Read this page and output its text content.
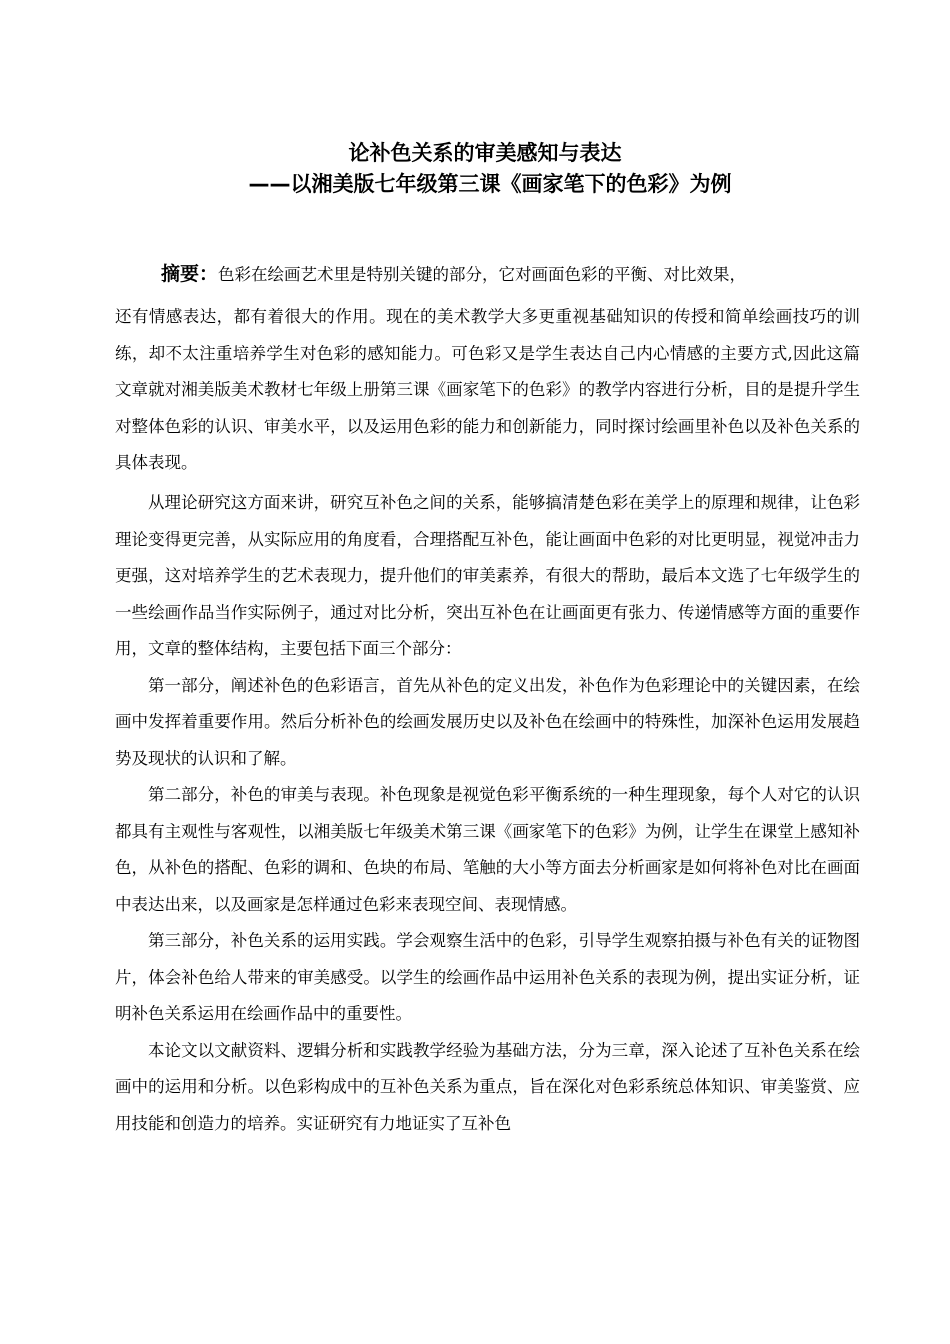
论补色关系的审美感知与表达
——以湘美版七年级第三课《画家笔下的色彩》为例
摘要：色彩在绘画艺术里是特别关键的部分，它对画面色彩的平衡、对比效果，
还有情感表达，都有着很大的作用。现在的美术教学大多更重视基础知识的传授和简单绘画技巧的训练，却不太注重培养学生对色彩的感知能力。可色彩又是学生表达自己内心情感的主要方式,因此这篇文章就对湘美版美术教材七年级上册第三课《画家笔下的色彩》的教学内容进行分析，目的是提升学生对整体色彩的认识、审美水平，以及运用色彩的能力和创新能力，同时探讨绘画里补色以及补色关系的具体表现。

从理论研究这方面来讲，研究互补色之间的关系，能够搞清楚色彩在美学上的原理和规律，让色彩理论变得更完善，从实际应用的角度看，合理搭配互补色，能让画面中色彩的对比更明显，视觉冲击力更强，这对培养学生的艺术表现力，提升他们的审美素养，有很大的帮助，最后本文选了七年级学生的一些绘画作品当作实际例子，通过对比分析，突出互补色在让画面更有张力、传递情感等方面的重要作用，文章的整体结构，主要包括下面三个部分：

第一部分，阐述补色的色彩语言，首先从补色的定义出发，补色作为色彩理论中的关键因素，在绘画中发挥着重要作用。然后分析补色的绘画发展历史以及补色在绘画中的特殊性，加深补色运用发展趋势及现状的认识和了解。

第二部分，补色的审美与表现。补色现象是视觉色彩平衡系统的一种生理现象，每个人对它的认识都具有主观性与客观性，以湘美版七年级美术第三课《画家笔下的色彩》为例，让学生在课堂上感知补色，从补色的搭配、色彩的调和、色块的布局、笔触的大小等方面去分析画家是如何将补色对比在画面中表达出来，以及画家是怎样通过色彩来表现空间、表现情感。

第三部分，补色关系的运用实践。学会观察生活中的色彩，引导学生观察拍摄与补色有关的证物图片，体会补色给人带来的审美感受。以学生的绘画作品中运用补色关系的表现为例，提出实证分析，证明补色关系运用在绘画作品中的重要性。

本论文以文献资料、逻辑分析和实践教学经验为基础方法，分为三章，深入论述了互补色关系在绘画中的运用和分析。以色彩构成中的互补色关系为重点，旨在深化对色彩系统总体知识、审美鉴赏、应用技能和创造力的培养。实证研究有力地证实了互补色
